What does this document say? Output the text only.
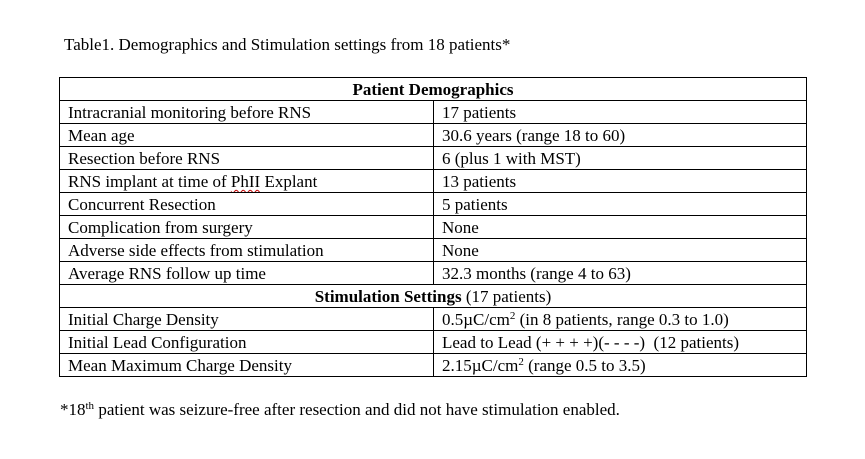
Table1. Demographics and Stimulation settings from 18 patients*
Patient Demographics	
Intracranial monitoring before RNS	17 patients
Mean age	30.6 years (range 18 to 60)
Resection before RNS	6 (plus 1 with MST)
RNS implant at time of PhII Explant	13 patients
Concurrent Resection	5 patients
Complication from surgery	None
Adverse side effects from stimulation	None
Average RNS follow up time	32.3 months (range 4 to 63)
Stimulation Settings (17 patients)	
Initial Charge Density	$0.5\mu C/cm^2$ (in 8 patients, range 0.3 to 1.0)
Initial Lead Configuration	Lead to Lead (+ + + +)(- - - -)  (12 patients)
Mean Maximum Charge Density	$2.15\mu C/cm^2$ (range 0.5 to 3.5)
*18th patient was seizure-free after resection and did not have stimulation enabled.
